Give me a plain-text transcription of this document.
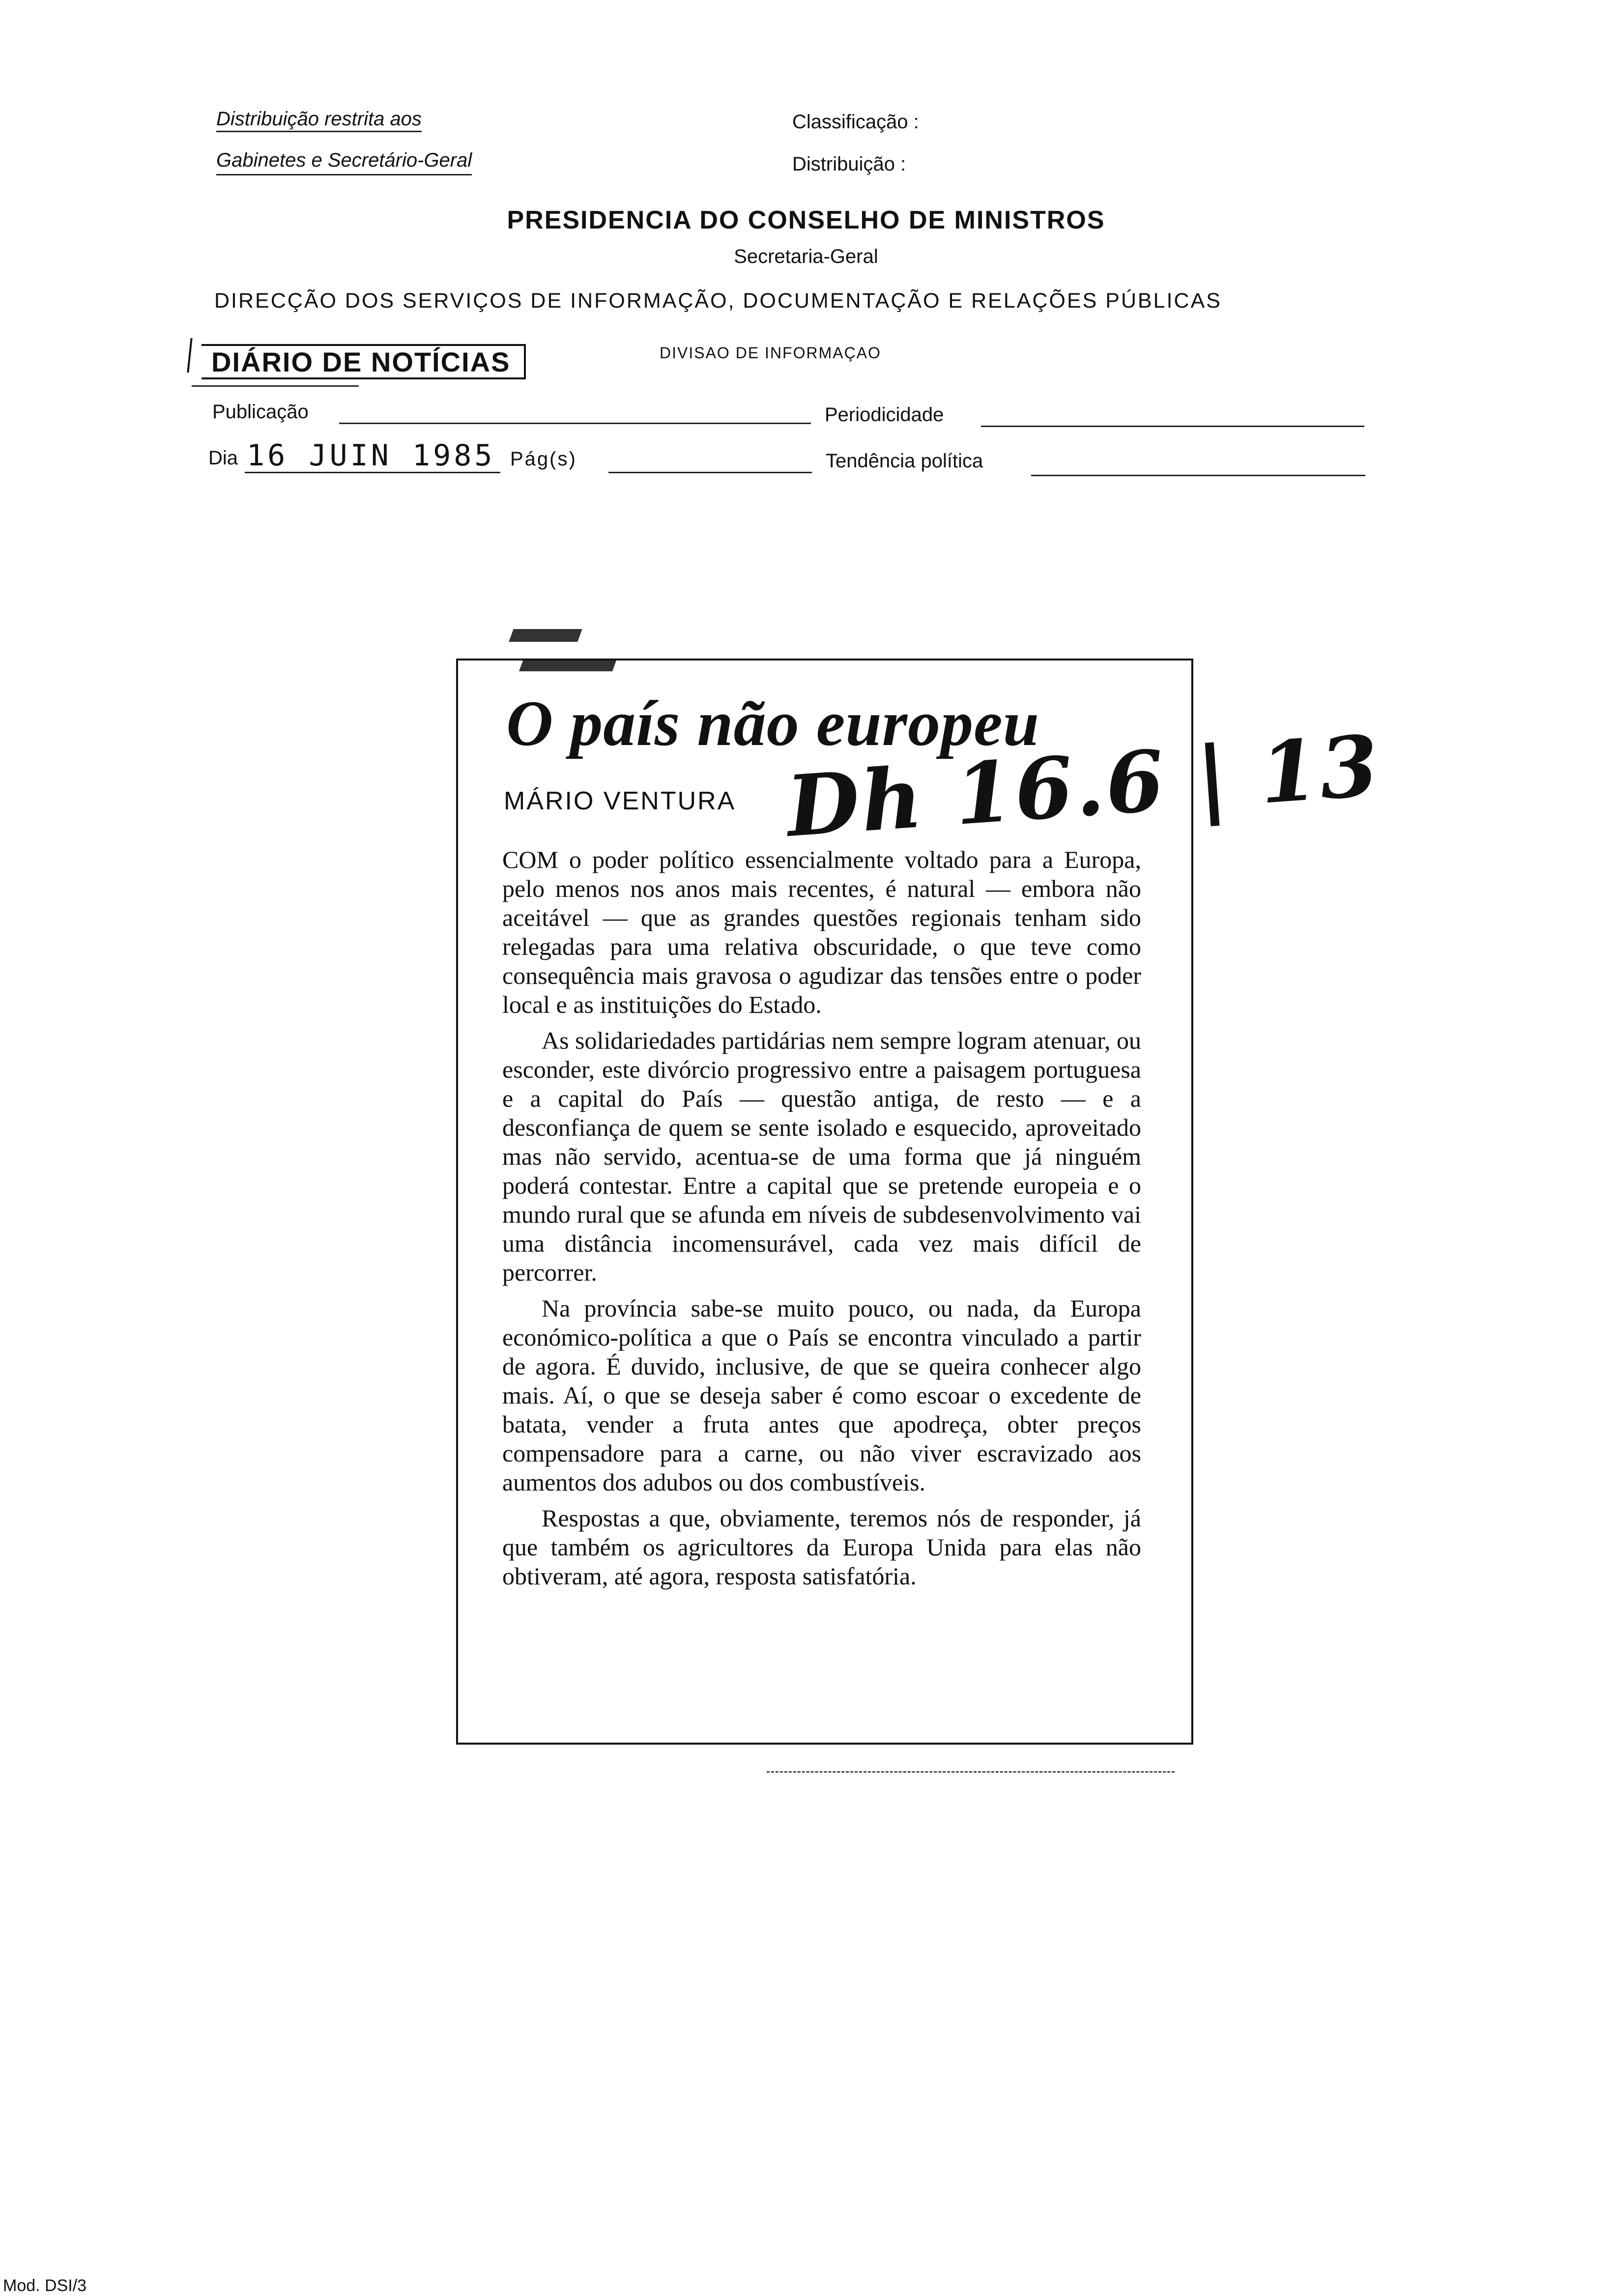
Distribuição restrita aos
Gabinetes e Secretário-Geral
Classificação :
Distribuição :
PRESIDENCIA DO CONSELHO DE MINISTROS
Secretaria-Geral
DIRECÇÃO DOS SERVIÇOS DE INFORMAÇÃO, DOCUMENTAÇÃO E RELAÇÕES PÚBLICAS
DIÁRIO DE NOTÍCIAS	DIVISAO DE INFORMAÇAO
Publicação	Periodicidade
Dia 16 JUIN 1985 Pág(s)	Tendência política
O país não europeu
MÁRIO VENTURA Dh 16.6 | 13

COM o poder político essencialmente voltado para a Europa, pelo menos nos anos mais recentes, é natural — embora não aceitável — que as grandes questões regionais tenham sido relegadas para uma relativa obscuridade, o que teve como consequência mais gravosa o agudizar das tensões entre o poder local e as instituições do Estado.

As solidariedades partidárias nem sempre logram atenuar, ou esconder, este divórcio progressivo entre a paisagem portuguesa e a capital do País — questão antiga, de resto — e a desconfiança de quem se sente isolado e esquecido, aproveitado mas não servido, acentua-se de uma forma que já ninguém poderá contestar. Entre a capital que se pretende europeia e o mundo rural que se afunda em níveis de subdesenvolvimento vai uma distância incomensurável, cada vez mais difícil de percorrer.

Na província sabe-se muito pouco, ou nada, da Europa económico-política a que o País se encontra vinculado a partir de agora. É duvido, inclusive, de que se queira conhecer algo mais. Aí, o que se deseja saber é como escoar o excedente de batata, vender a fruta antes que apodreça, obter preços compensadore para a carne, ou não viver escravizado aos aumentos dos adubos ou dos combustíveis.

Respostas a que, obviamente, teremos nós de responder, já que também os agricultores da Europa Unida para elas não obtiveram, até agora, resposta satisfatória.

Mod. DSI/3
